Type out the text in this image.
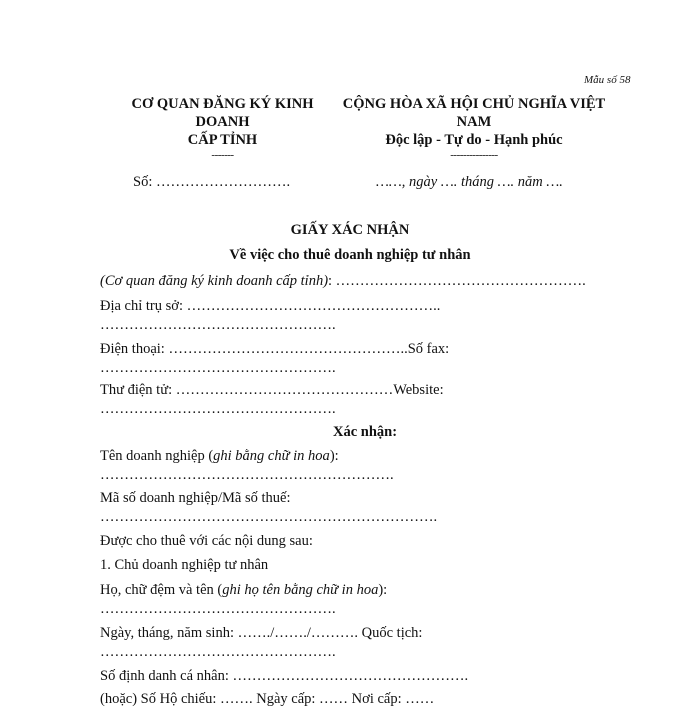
Mẫu số 58
CƠ QUAN ĐĂNG KÝ KINH
DOANH
CẤP TỈNH
-------
CỘNG HÒA XÃ HỘI CHỦ NGHĨA VIỆT
NAM
Độc lập - Tự do - Hạnh phúc
---------------
Số: ……………………….	……, ngày …. tháng …. năm ….
GIẤY XÁC NHẬN
Về việc cho thuê doanh nghiệp tư nhân
(Cơ quan đăng ký kinh doanh cấp tỉnh): …………………………………………….
Địa chỉ trụ sở: ……………………………………………..
………………………………………….
Điện thoại: …………………………………………..Số fax:
………………………………………….
Thư điện tử: ………………………………………Website:
………………………………………….
Xác nhận:
Tên doanh nghiệp (ghi bằng chữ in hoa):
…………………………………………………….
Mã số doanh nghiệp/Mã số thuế:
…………………………………………………………….
Được cho thuê với các nội dung sau:
1. Chủ doanh nghiệp tư nhân
Họ, chữ đệm và tên (ghi họ tên bằng chữ in hoa):
………………………………………….
Ngày, tháng, năm sinh: ……./……./………. Quốc tịch:
………………………………………….
Số định danh cá nhân: ………………………………………….
(hoặc) Số Hộ chiếu: ……. Ngày cấp: …… Nơi cấp: ……
